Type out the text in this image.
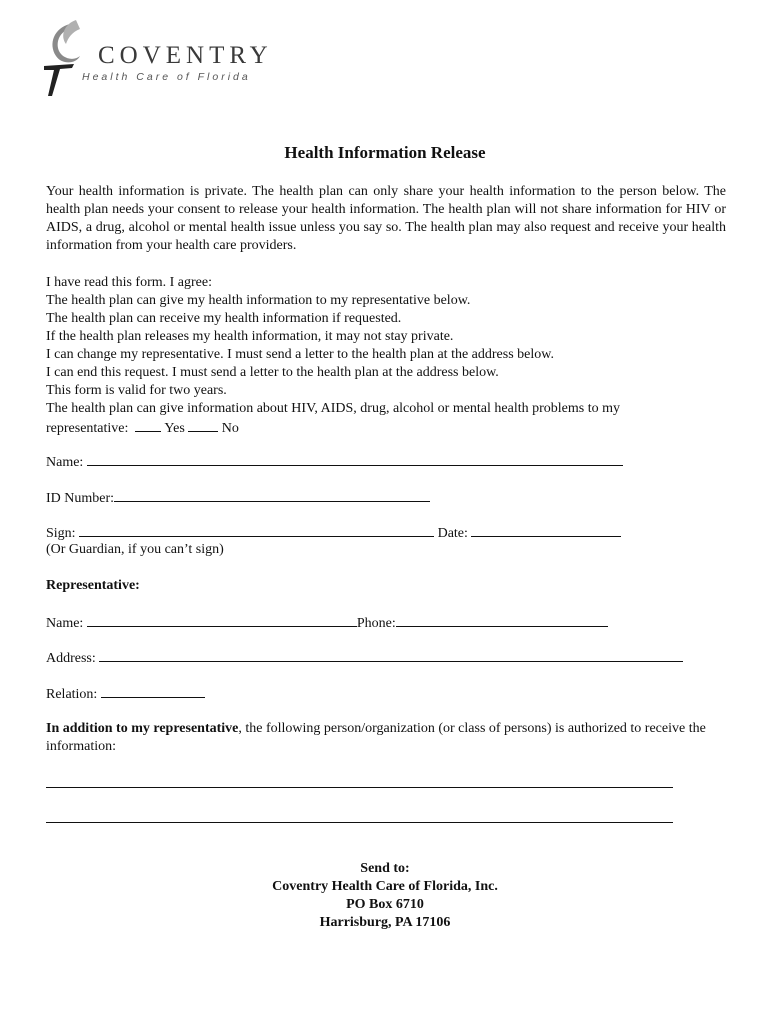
COVENTRY
Health Care of Florida
Health Information Release

Your health information is private. The health plan can only share your health information to the person below. The health plan needs your consent to release your health information. The health plan will not share information for HIV or AIDS, a drug, alcohol or mental health issue unless you say so. The health plan may also request and receive your health information from your health care providers.

I have read this form. I agree:

The health plan can give my health information to my representative below.

The health plan can receive my health information if requested.

If the health plan releases my health information, it may not stay private.

I can change my representative. I must send a letter to the health plan at the address below.

I can end this request. I must send a letter to the health plan at the address below.

This form is valid for two years.

The health plan can give information about HIV, AIDS, drug, alcohol or mental health problems to my

representative:	Yes	No

Name:
ID Number:
Sign:	Date:
(Or Guardian, if you can’t sign)
Representative:
Name:	Phone:
Address:
Relation:
In addition to my representative, the following person/organization (or class of persons) is authorized to receive the information:
Send to:
Coventry Health Care of Florida, Inc.
PO Box 6710
Harrisburg, PA 17106
